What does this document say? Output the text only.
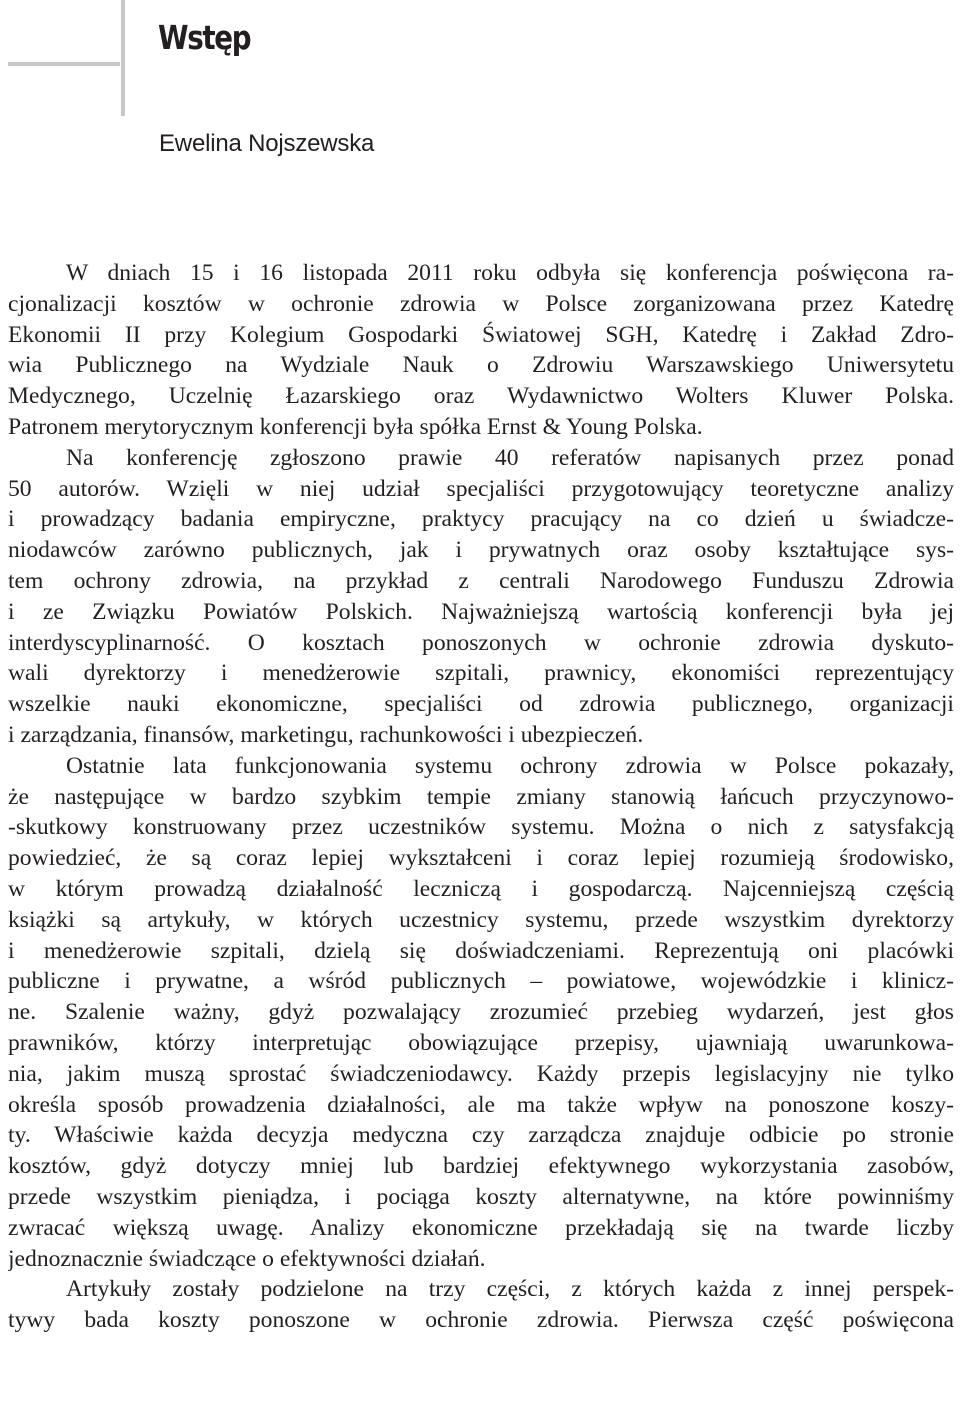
Wstęp

Ewelina Nojszewska

W dniach 15 i 16 listopada 2011 roku odbyła się konferencja poświęcona ra-
cjonalizacji kosztów w ochronie zdrowia w Polsce zorganizowana przez Katedrę
Ekonomii II przy Kolegium Gospodarki Światowej SGH, Katedrę i Zakład Zdro-
wia Publicznego na Wydziale Nauk o Zdrowiu Warszawskiego Uniwersytetu
Medycznego, Uczelnię Łazarskiego oraz Wydawnictwo Wolters Kluwer Polska.
Patronem merytorycznym konferencji była spółka Ernst & Young Polska.

Na konferencję zgłoszono prawie 40 referatów napisanych przez ponad
50 autorów. Wzięli w niej udział specjaliści przygotowujący teoretyczne analizy
i prowadzący badania empiryczne, praktycy pracujący na co dzień u świadcze-
niodawców zarówno publicznych, jak i prywatnych oraz osoby kształtujące sys-
tem ochrony zdrowia, na przykład z centrali Narodowego Funduszu Zdrowia
i ze Związku Powiatów Polskich. Najważniejszą wartością konferencji była jej
interdyscyplinarność. O kosztach ponoszonych w ochronie zdrowia dyskuto-
wali dyrektorzy i menedżerowie szpitali, prawnicy, ekonomiści reprezentujący
wszelkie nauki ekonomiczne, specjaliści od zdrowia publicznego, organizacji
i zarządzania, finansów, marketingu, rachunkowości i ubezpieczeń.

Ostatnie lata funkcjonowania systemu ochrony zdrowia w Polsce pokazały,
że następujące w bardzo szybkim tempie zmiany stanowią łańcuch przyczynowo-
-skutkowy konstruowany przez uczestników systemu. Można o nich z satysfakcją
powiedzieć, że są coraz lepiej wykształceni i coraz lepiej rozumieją środowisko,
w którym prowadzą działalność leczniczą i gospodarczą. Najcenniejszą częścią
książki są artykuły, w których uczestnicy systemu, przede wszystkim dyrektorzy
i menedżerowie szpitali, dzielą się doświadczeniami. Reprezentują oni placówki
publiczne i prywatne, a wśród publicznych – powiatowe, wojewódzkie i klinicz-
ne. Szalenie ważny, gdyż pozwalający zrozumieć przebieg wydarzeń, jest głos
prawników, którzy interpretując obowiązujące przepisy, ujawniają uwarunkowa-
nia, jakim muszą sprostać świadczeniodawcy. Każdy przepis legislacyjny nie tylko
określa sposób prowadzenia działalności, ale ma także wpływ na ponoszone koszy-
ty. Właściwie każda decyzja medyczna czy zarządcza znajduje odbicie po stronie
kosztów, gdyż dotyczy mniej lub bardziej efektywnego wykorzystania zasobów,
przede wszystkim pieniądza, i pociąga koszty alternatywne, na które powinniśmy
zwracać większą uwagę. Analizy ekonomiczne przekładają się na twarde liczby
jednoznacznie świadczące o efektywności działań.

Artykuły zostały podzielone na trzy części, z których każda z innej perspek-
tywy bada koszty ponoszone w ochronie zdrowia. Pierwsza część poświęcona
